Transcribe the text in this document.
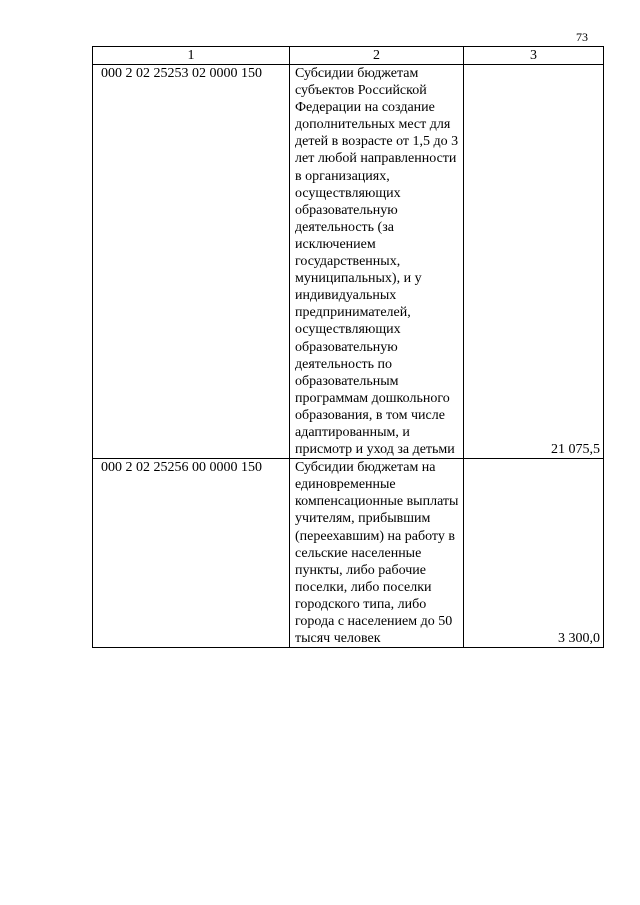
73
1	2	3
000 2 02 25253 02 0000 150	Субсидии бюджетам субъектов Российской Федерации на создание дополнительных мест для детей в возрасте от 1,5 до 3 лет любой направленности в организациях, осуществляющих образовательную деятельность (за исключением государственных, муниципальных), и у индивидуальных предпринимателей, осуществляющих образовательную деятельность по образовательным программам дошкольного образования, в том числе адаптированным, и присмотр и уход за детьми	21 075,5
000 2 02 25256 00 0000 150	Субсидии бюджетам на единовременные компенсационные выплаты учителям, прибывшим (переехавшим) на работу в сельские населенные пункты, либо рабочие поселки, либо поселки городского типа, либо города с населением до 50 тысяч человек	3 300,0
